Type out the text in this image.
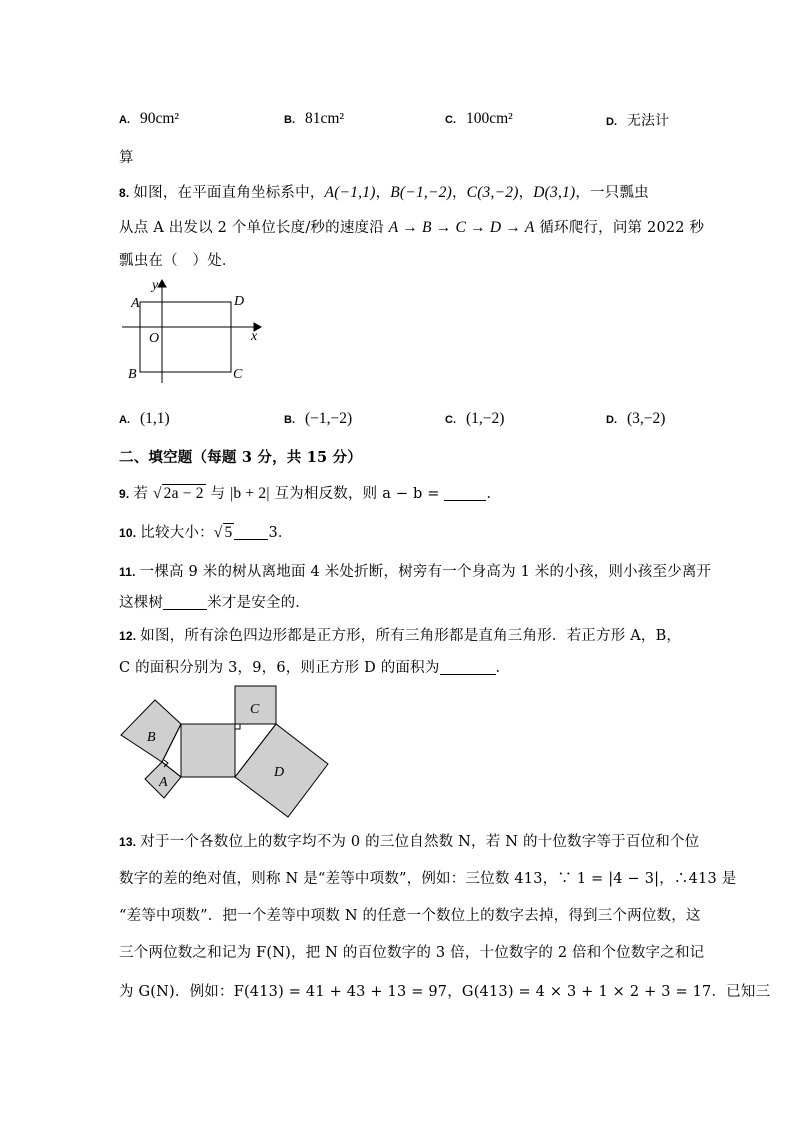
A. 90cm²	B. 81cm²	C. 100cm²	D. 无法计
算
8. 如图，在平面直角坐标系中，A(−1,1)，B(−1,−2)，C(3,−2)，D(3,1)，一只瓢虫
从点 A 出发以 2 个单位长度/秒的速度沿 A → B → C → D → A 循环爬行，问第 2022 秒
瓢虫在（　）处．
A
B	C
D
O	x
y
A. (1,1)	B. (−1,−2)	C. (1,−2)	D. (3,−2)
二、填空题（每题 3 分，共 15 分）
9. 若 √ 2a − 2 与 |b + 2| 互为相反数，则 a − b =	．
10. 比较大小：√ 5 3．
11. 一棵高 9 米的树从离地面 4 米处折断，树旁有一个身高为 1 米的小孩，则小孩至少离开
这棵树	米才是安全的．
12. 如图，所有涂色四边形都是正方形，所有三角形都是直角三角形．若正方形 A，B，
C 的面积分别为 3，9，6，则正方形 D 的面积为	．
B
A
C
D
13. 对于一个各数位上的数字均不为 0 的三位自然数 N，若 N 的十位数字等于百位和个位
数字的差的绝对值，则称 N 是“差等中项数”，例如：三位数 413，∵ 1 = |4 − 3|，∴413 是
“差等中项数”．把一个差等中项数 N 的任意一个数位上的数字去掉，得到三个两位数，这
三个两位数之和记为 F(N)，把 N 的百位数字的 3 倍，十位数字的 2 倍和个位数字之和记
为 G(N)．例如：F(413) = 41 + 43 + 13 = 97，G(413) = 4 × 3 + 1 × 2 + 3 = 17．已知三
